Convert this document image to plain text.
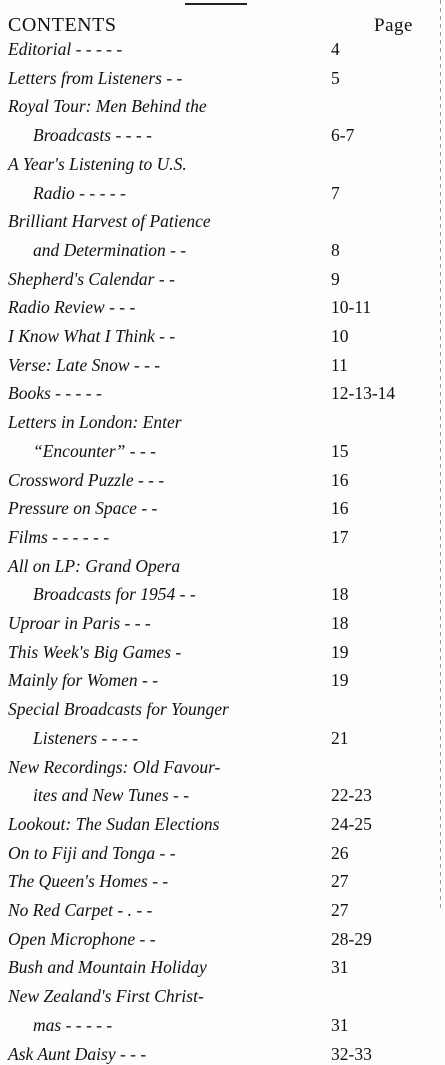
CONTENTS	Page
Editorial - - - - -	4
Letters from Listeners - -	5
Royal Tour: Men Behind the
Broadcasts - - - -	6-7
A Year's Listening to U.S.
Radio - - - - -	7
Brilliant Harvest of Patience
and Determination - -	8
Shepherd's Calendar - -	9
Radio Review - - -	10-11
I Know What I Think - -	10
Verse: Late Snow - - -	11
Books - - - - -	12-13-14
Letters in London: Enter
“Encounter” - - -	15
Crossword Puzzle - - -	16
Pressure on Space - -	16
Films - - - - - -	17
All on LP: Grand Opera
Broadcasts for 1954 - -	18
Uproar in Paris - - -	18
This Week's Big Games -	19
Mainly for Women - -	19
Special Broadcasts for Younger
Listeners - - - -	21
New Recordings: Old Favour-
ites and New Tunes - -	22-23
Lookout: The Sudan Elections	24-25
On to Fiji and Tonga - -	26
The Queen's Homes - -	27
No Red Carpet - . - -	27
Open Microphone - -	28-29
Bush and Mountain Holiday	31
New Zealand's First Christ-
mas - - - - -	31
Ask Aunt Daisy - - -	32-33
